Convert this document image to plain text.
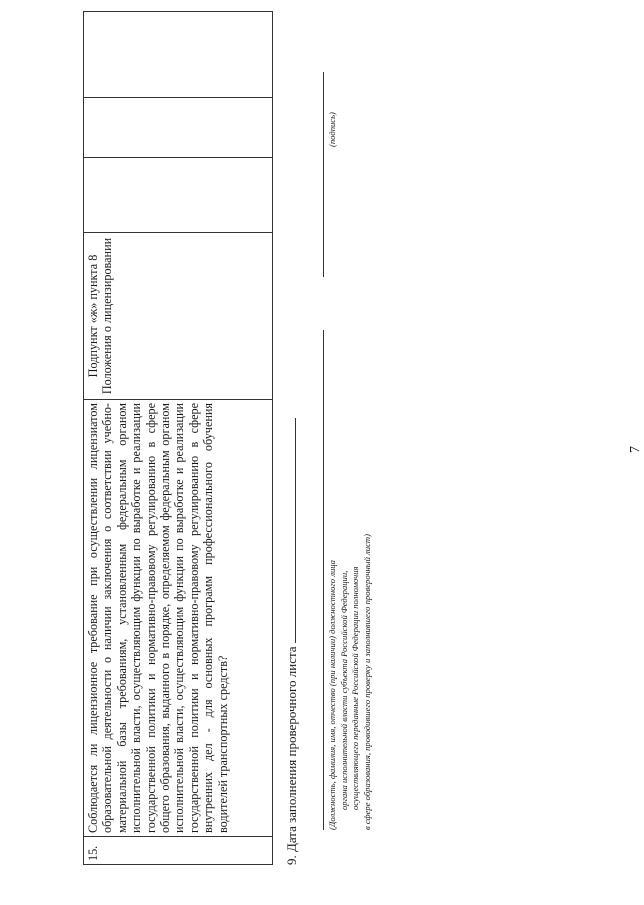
7
15.	Соблюдается ли лицензионное требование при осуществлении лицензиатом образовательной деятельности о наличии заключения о соответствии учебно-материальной базы требованиям, установленным федеральным органом исполнительной власти, осуществляющим функции по выработке и реализации государственной политики и нормативно-правовому регулированию в сфере общего образования, выданного в порядке, определяемом федеральным органом исполнительной власти, осуществляющим функции по выработке и реализации государственной политики и нормативно-правовому регулированию в сфере внутренних дел - для основных программ профессионального обучения водителей транспортных средств?	Подпункт «ж» пункта 8 Положения о лицензировании			
9. Дата заполнения проверочного листа	(Должность, фамилия, имя, отчество (при наличии) должностного лица органа исполнительной власти субъекта Российской Федерации, осуществляющего переданные Российской Федерации полномочия в сфере образования, проводившего проверку и заполнившего проверочный лист)
(подпись)
